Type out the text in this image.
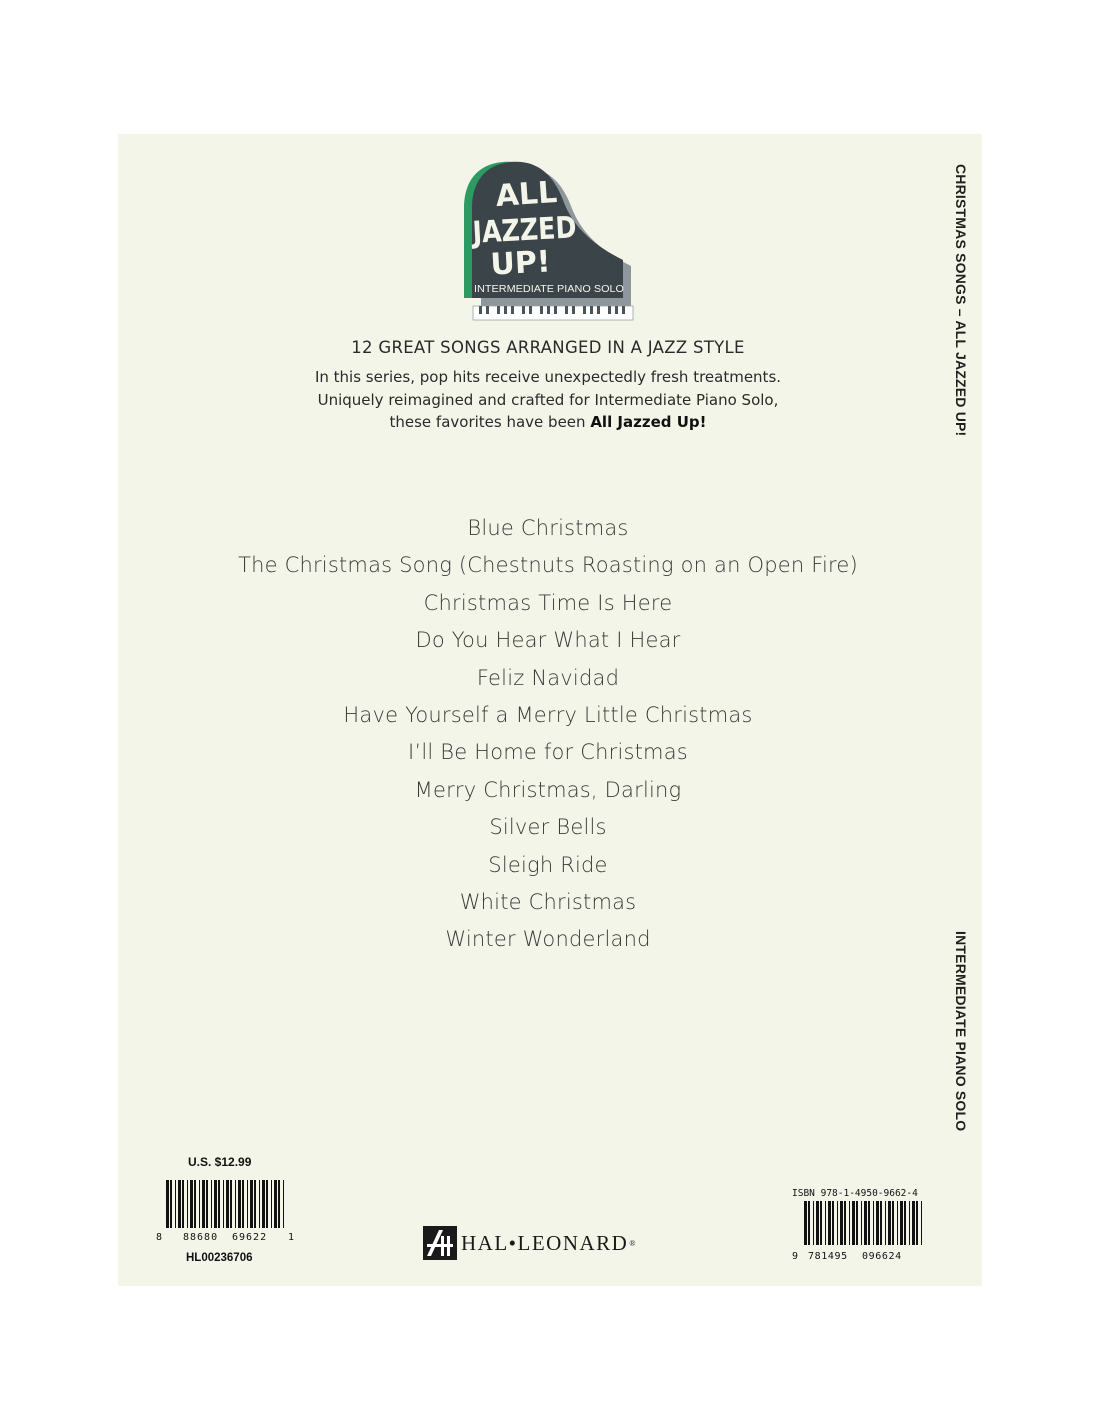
CHRISTMAS SONGS – ALL JAZZED UP!
INTERMEDIATE PIANO SOLO
ALL
JAZZED
UP!
INTERMEDIATE PIANO SOLO
12 GREAT SONGS ARRANGED IN A JAZZ STYLE
In this series, pop hits receive unexpectedly fresh treatments.
Uniquely reimagined and crafted for Intermediate Piano Solo,
these favorites have been All Jazzed Up!
Blue Christmas
The Christmas Song (Chestnuts Roasting on an Open Fire)
Christmas Time Is Here
Do You Hear What I Hear
Feliz Navidad
Have Yourself a Merry Little Christmas
I’ll Be Home for Christmas
Merry Christmas, Darling
Silver Bells
Sleigh Ride
White Christmas
Winter Wonderland
U.S. $12.99
8 88680 69622 1
HL00236706
HAL•LEONARD ®
ISBN 978-1-4950-9662-4
9 781495 096624
